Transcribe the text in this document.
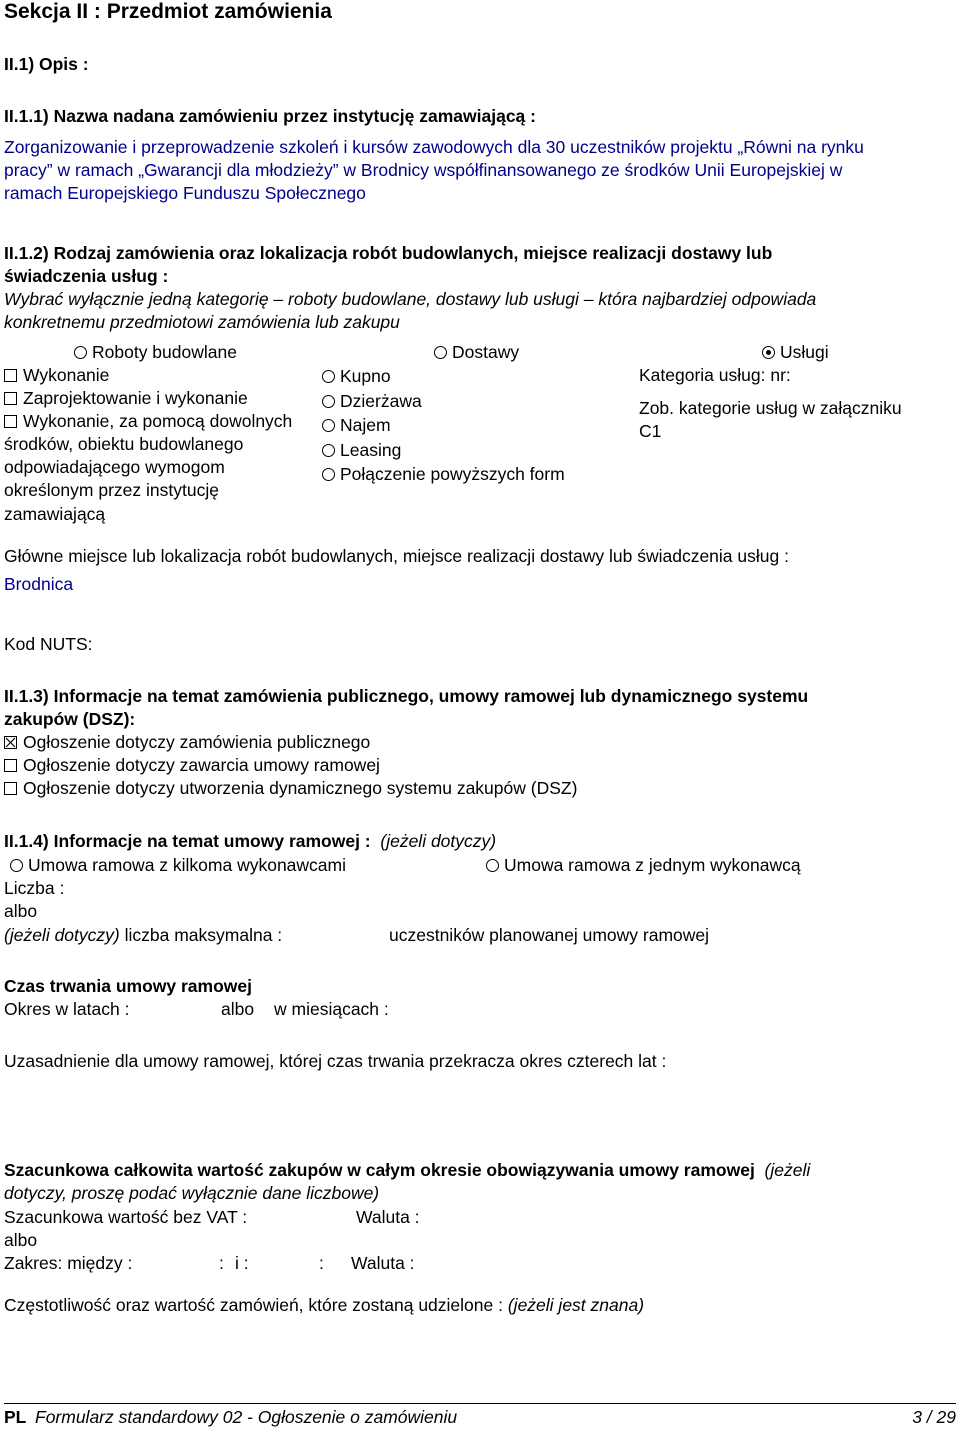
Sekcja II : Przedmiot zamówienia
II.1) Opis :
II.1.1) Nazwa nadana zamówieniu przez instytucję zamawiającą :
Zorganizowanie i przeprowadzenie szkoleń i kursów zawodowych dla 30 uczestników projektu „Równi na rynku
pracy” w ramach „Gwarancji dla młodzieży” w Brodnicy współfinansowanego ze środków Unii Europejskiej w
ramach Europejskiego Funduszu Społecznego
II.1.2) Rodzaj zamówienia oraz lokalizacja robót budowlanych, miejsce realizacji dostawy lub
świadczenia usług :
Wybrać wyłącznie jedną kategorię – roboty budowlane, dostawy lub usługi – która najbardziej odpowiada
konkretnemu przedmiotowi zamówienia lub zakupu
Roboty budowlane	Dostawy	Usługi
Wykonanie
Zaprojektowanie i wykonanie
Wykonanie, za pomocą dowolnych
środków, obiektu budowlanego
odpowiadającego wymogom
określonym przez instytucję
zamawiającą
Kupno
Dzierżawa
Najem
Leasing
Połączenie powyższych form
Kategoria usług: nr:
Zob. kategorie usług w załączniku
C1
Główne miejsce lub lokalizacja robót budowlanych, miejsce realizacji dostawy lub świadczenia usług :
Brodnica
Kod NUTS:
II.1.3) Informacje na temat zamówienia publicznego, umowy ramowej lub dynamicznego systemu
zakupów (DSZ):
Ogłoszenie dotyczy zamówienia publicznego
Ogłoszenie dotyczy zawarcia umowy ramowej
Ogłoszenie dotyczy utworzenia dynamicznego systemu zakupów (DSZ)
II.1.4) Informacje na temat umowy ramowej : (jeżeli dotyczy)
Umowa ramowa z kilkoma wykonawcami	Umowa ramowa z jednym wykonawcą
Liczba :
albo
(jeżeli dotyczy) liczba maksymalna :	uczestników planowanej umowy ramowej
Czas trwania umowy ramowej
Okres w latach :	albo w miesiącach :
Uzasadnienie dla umowy ramowej, której czas trwania przekracza okres czterech lat :
Szacunkowa całkowita wartość zakupów w całym okresie obowiązywania umowy ramowej (jeżeli
dotyczy, proszę podać wyłącznie dane liczbowe)
Szacunkowa wartość bez VAT :	Waluta :
albo
Zakres: między :	: i :	: Waluta :
Częstotliwość oraz wartość zamówień, które zostaną udzielone : (jeżeli jest znana)
PL Formularz standardowy 02 - Ogłoszenie o zamówieniu	3 / 29
